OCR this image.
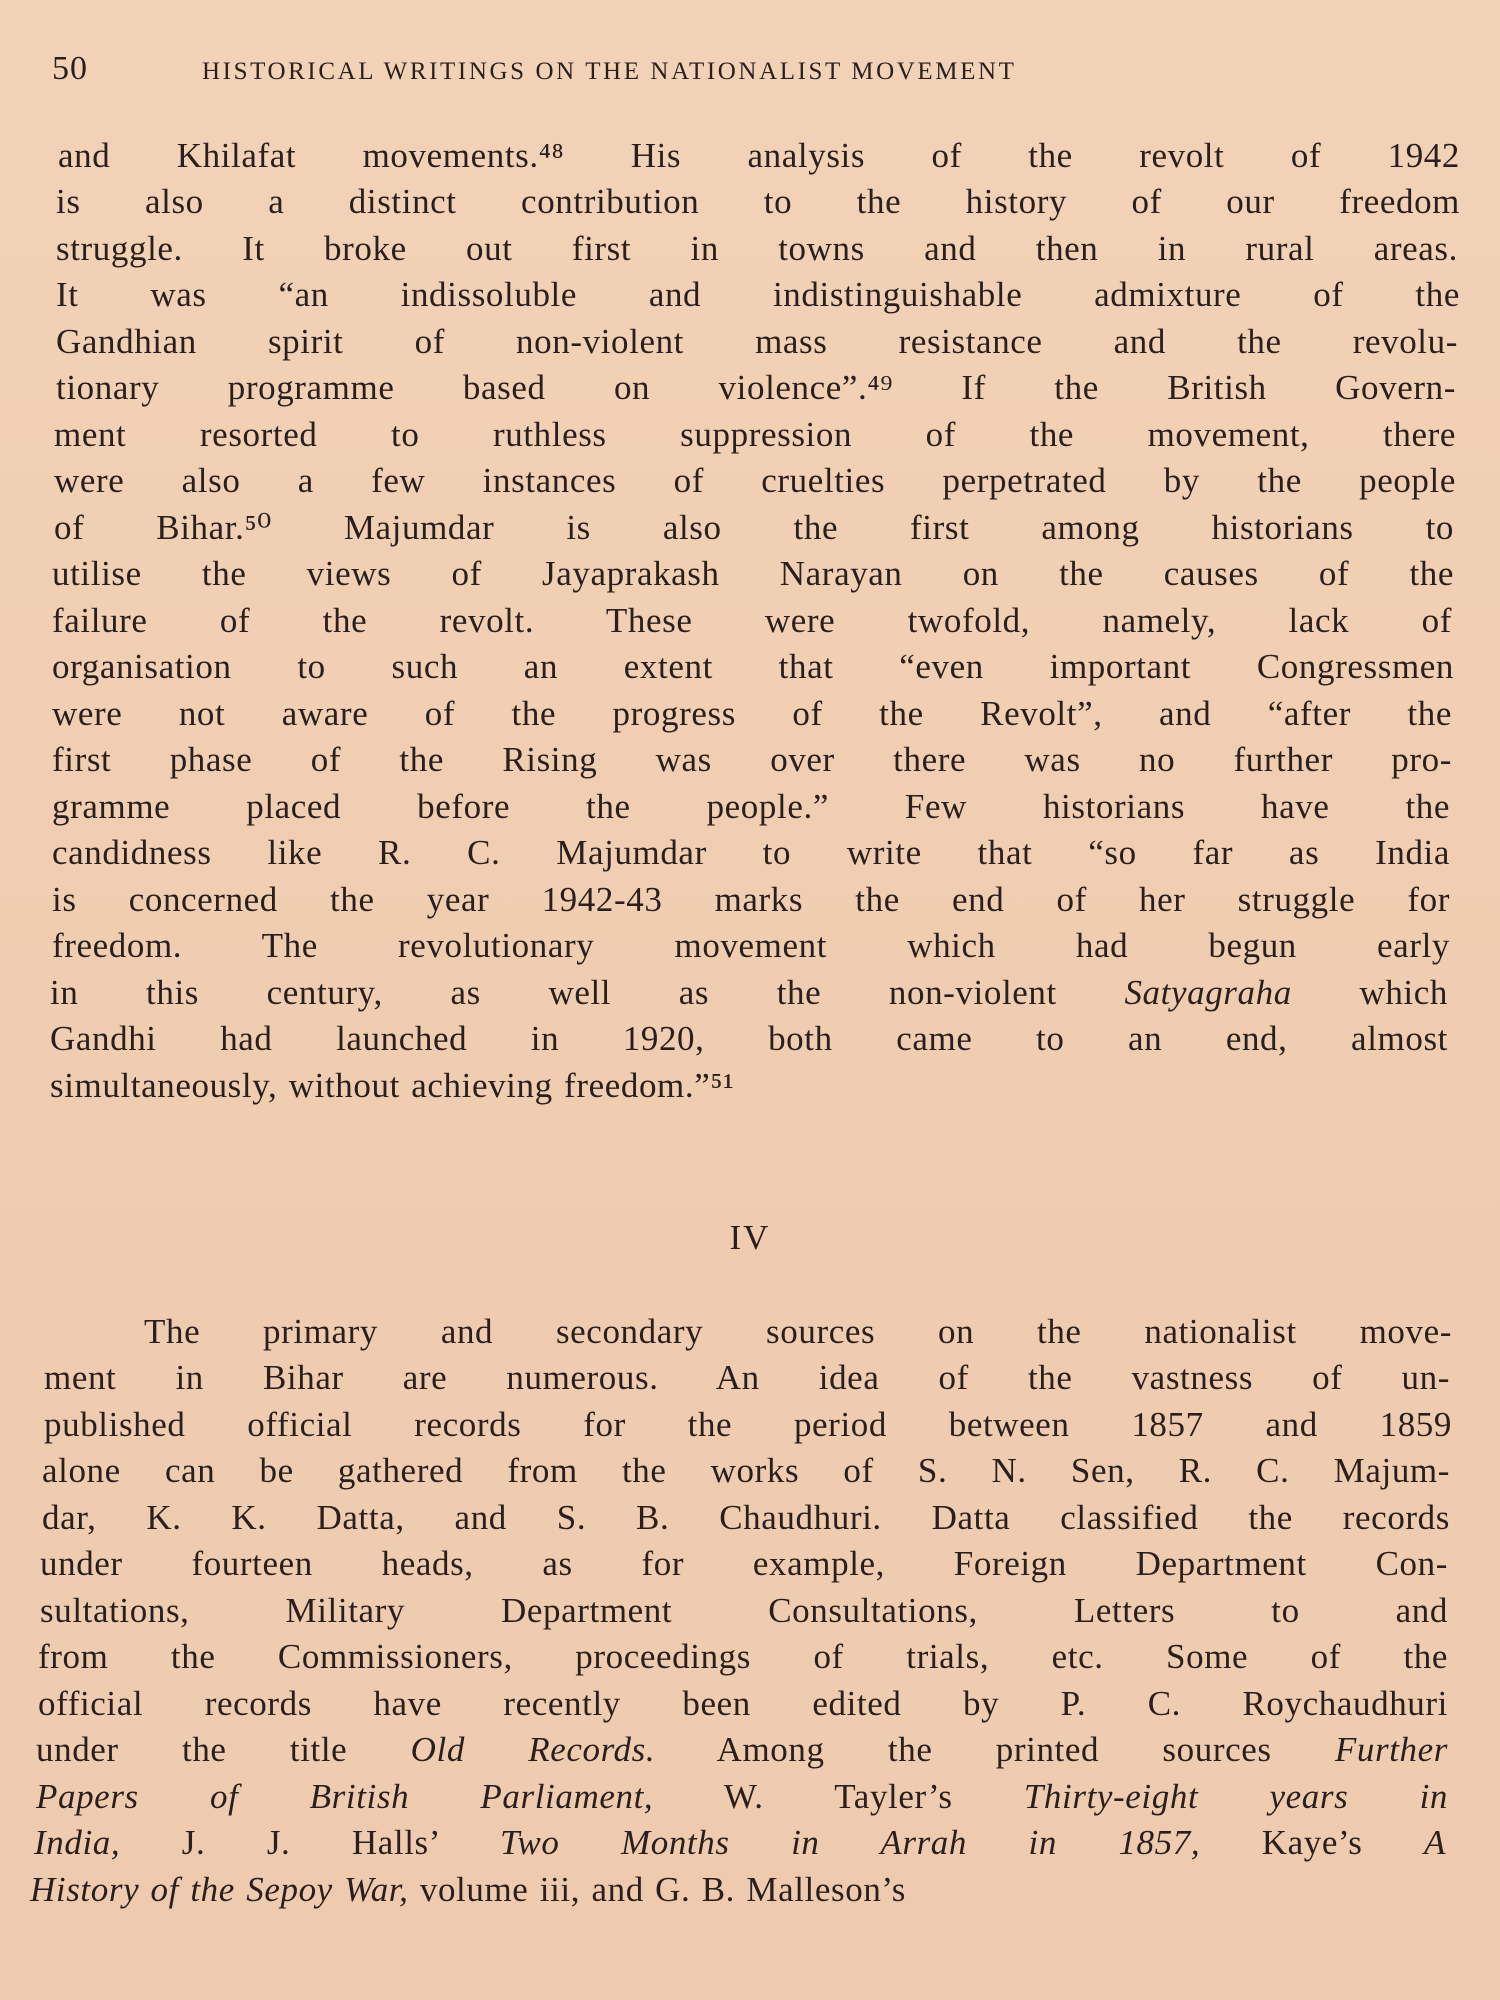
50	HISTORICAL WRITINGS ON THE NATIONALIST MOVEMENT
and Khilafat movements.⁴⁸ His analysis of the revolt of 1942
is also a distinct contribution to the history of our freedom
struggle. It broke out first in towns and then in rural areas.
It was “an indissoluble and indistinguishable admixture of the
Gandhian spirit of non-violent mass resistance and the revolu-
tionary programme based on violence”.⁴⁹ If the British Govern-
ment resorted to ruthless suppression of the movement, there
were also a few instances of cruelties perpetrated by the people
of Bihar.⁵⁰ Majumdar is also the first among historians to
utilise the views of Jayaprakash Narayan on the causes of the
failure of the revolt. These were twofold, namely, lack of
organisation to such an extent that “even important Congressmen
were not aware of the progress of the Revolt”, and “after the
first phase of the Rising was over there was no further pro-
gramme placed before the people.” Few historians have the
candidness like R. C. Majumdar to write that “so far as India
is concerned the year 1942-43 marks the end of her struggle for
freedom. The revolutionary movement which had begun early
in this century, as well as the non-violent Satyagraha which
Gandhi had launched in 1920, both came to an end, almost
simultaneously, without achieving freedom.”⁵¹
IV
The primary and secondary sources on the nationalist move-
ment in Bihar are numerous. An idea of the vastness of un-
published official records for the period between 1857 and 1859
alone can be gathered from the works of S. N. Sen, R. C. Majum-
dar, K. K. Datta, and S. B. Chaudhuri. Datta classified the records
under fourteen heads, as for example, Foreign Department Con-
sultations, Military Department Consultations, Letters to and
from the Commissioners, proceedings of trials, etc. Some of the
official records have recently been edited by P. C. Roychaudhuri
under the title Old Records. Among the printed sources Further
Papers of British Parliament, W. Tayler’s Thirty-eight years in
India, J. J. Halls’ Two Months in Arrah in 1857, Kaye’s A
History of the Sepoy War, volume iii, and G. B. Malleson’s
